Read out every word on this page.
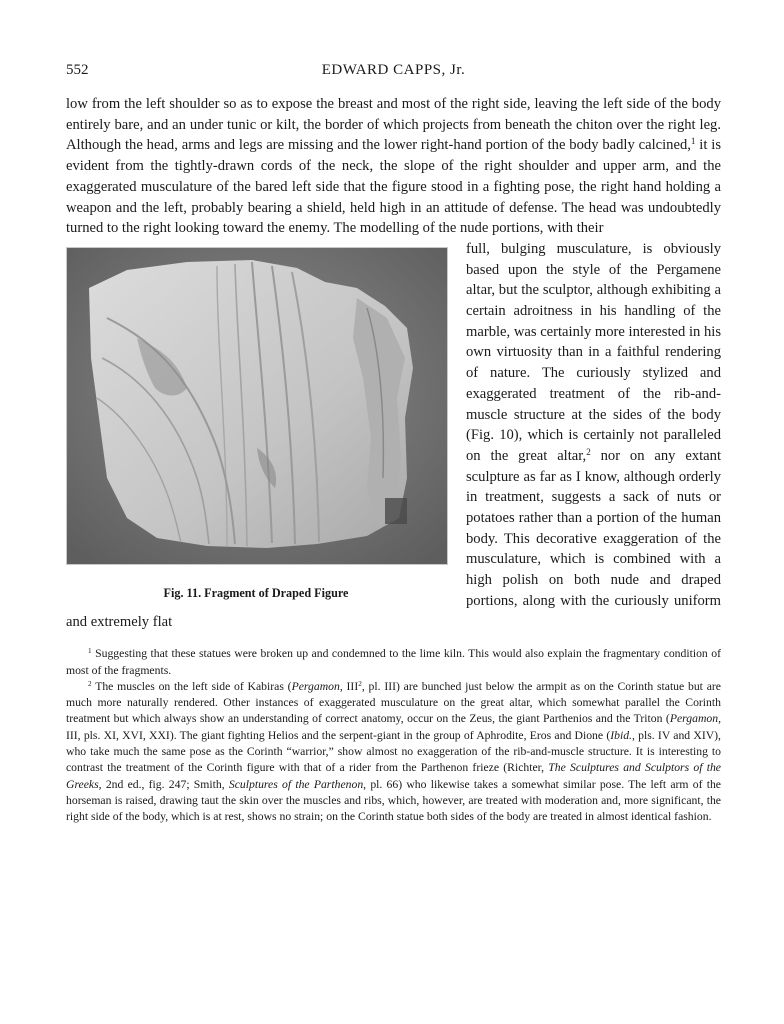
552	EDWARD CAPPS, Jr.
low from the left shoulder so as to expose the breast and most of the right side, leaving the left side of the body entirely bare, and an under tunic or kilt, the border of which projects from beneath the chiton over the right leg. Although the head, arms and legs are missing and the lower right-hand portion of the body badly calcined,$^1$ it is evident from the tightly-drawn cords of the neck, the slope of the right shoulder and upper arm, and the exaggerated musculature of the bared left side that the figure stood in a fighting pose, the right hand holding a weapon and the left, probably bearing a shield, held high in an attitude of defense. The head was undoubtedly turned to the right looking toward the enemy. The modelling of the nude portions, with their

Fig. 11. Fragment of Draped Figure
full, bulging musculature, is obviously based upon the style of the Pergamene altar, but the sculptor, although exhibiting a certain adroitness in his handling of the marble, was certainly more interested in his own virtuosity than in a faithful rendering of nature. The curiously stylized and exaggerated treatment of the rib-and-muscle structure at the sides of the body (Fig. 10), which is certainly not paralleled on the great altar,$^2$ nor on any extant sculpture as far as I know, although orderly in treatment, suggests a sack of nuts or potatoes rather than a portion of the human body. This decorative exaggeration of the musculature, which is combined with a high polish on both nude and draped portions, along with the curiously uniform and extremely flat

$^1$ Suggesting that these statues were broken up and condemned to the lime kiln. This would also explain the fragmentary condition of most of the fragments.

$^2$ The muscles on the left side of Kabiras (Pergamon, III$^2$, pl. III) are bunched just below the armpit as on the Corinth statue but are much more naturally rendered. Other instances of exaggerated musculature on the great altar, which somewhat parallel the Corinth treatment but which always show an understanding of correct anatomy, occur on the Zeus, the giant Parthenios and the Triton (Pergamon, III, pls. XI, XVI, XXI). The giant fighting Helios and the serpent-giant in the group of Aphrodite, Eros and Dione (Ibid., pls. IV and XIV), who take much the same pose as the Corinth “warrior,” show almost no exaggeration of the rib-and-muscle structure. It is interesting to contrast the treatment of the Corinth figure with that of a rider from the Parthenon frieze (Richter, The Sculptures and Sculptors of the Greeks, 2nd ed., fig. 247; Smith, Sculptures of the Parthenon, pl. 66) who likewise takes a somewhat similar pose. The left arm of the horseman is raised, drawing taut the skin over the muscles and ribs, which, however, are treated with moderation and, more significant, the right side of the body, which is at rest, shows no strain; on the Corinth statue both sides of the body are treated in almost identical fashion.
